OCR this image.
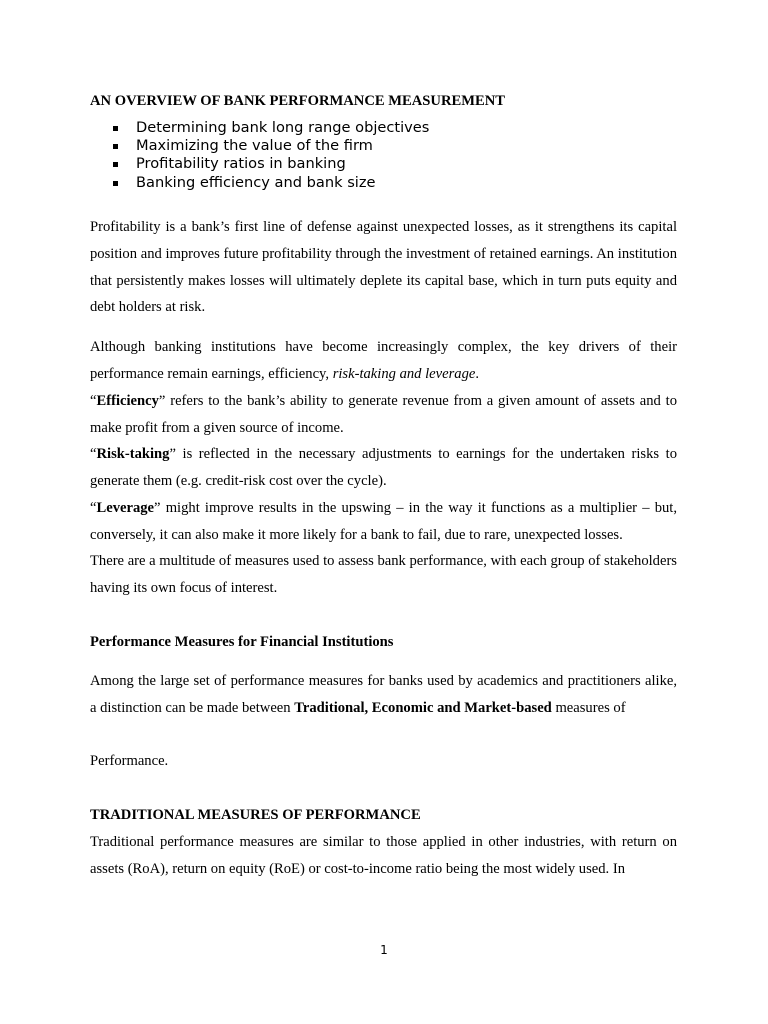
AN OVERVIEW OF BANK PERFORMANCE MEASUREMENT
Determining bank long range objectives
Maximizing the value of the firm
Profitability ratios in banking
Banking efficiency and bank size

Profitability is a bank’s first line of defense against unexpected losses, as it strengthens its capital position and improves future profitability through the investment of retained earnings. An institution that persistently makes losses will ultimately deplete its capital base, which in turn puts equity and debt holders at risk.

Although banking institutions have become increasingly complex, the key drivers of their performance remain earnings, efficiency, risk-taking and leverage.

“Efficiency” refers to the bank’s ability to generate revenue from a given amount of assets and to make profit from a given source of income.

“Risk-taking” is reflected in the necessary adjustments to earnings for the undertaken risks to generate them (e.g. credit-risk cost over the cycle).

“Leverage” might improve results in the upswing – in the way it functions as a multiplier – but, conversely, it can also make it more likely for a bank to fail, due to rare, unexpected losses.

There are a multitude of measures used to assess bank performance, with each group of stakeholders having its own focus of interest.

Performance Measures for Financial Institutions

Among the large set of performance measures for banks used by academics and practitioners alike, a distinction can be made between Traditional, Economic and Market-based measures of

Performance.

TRADITIONAL MEASURES OF PERFORMANCE

Traditional performance measures are similar to those applied in other industries, with return on assets (RoA), return on equity (RoE) or cost-to-income ratio being the most widely used. In

1
